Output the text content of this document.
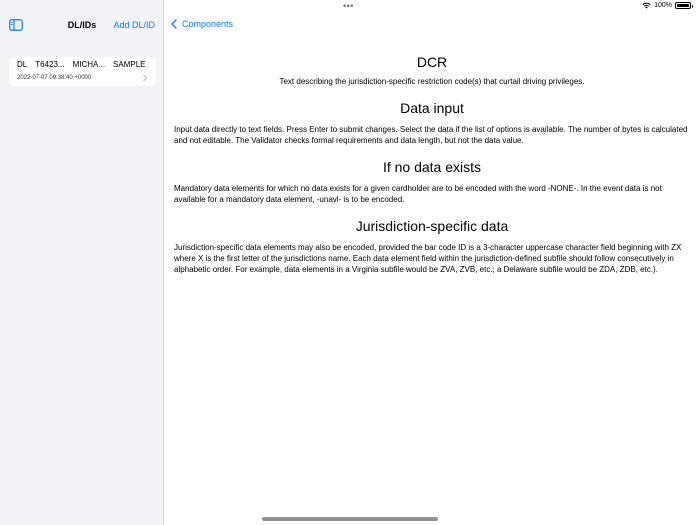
•••	100%
DL/IDs	Add DL/ID
DL T6423... MICHA... SAMPLE
2022-07-07 09:38:40 +0000
Components
DCR

Text describing the jurisdiction-specific restriction code(s) that curtail driving privileges.

Data input

Input data directly to text fields. Press Enter to submit changes. Select the data if the list of options is available. The number of bytes is calculated and not editable. The Validator checks formal requirements and data length, but not the data value.

If no data exists

Mandatory data elements for which no data exists for a given cardholder are to be encoded with the word -NONE-. In the event data is not available for a mandatory data element, -unavl- is to be encoded.

Jurisdiction-specific data

Jurisdiction-specific data elements may also be encoded, provided the bar code ID is a 3-character uppercase character field beginning with ZX where X is the first letter of the jurisdictions name. Each data element field within the jurisdiction-defined subfile should follow consecutively in alphabetic order. For example, data elements in a Virginia subfile would be ZVA, ZVB, etc.; a Delaware subfile would be ZDA, ZDB, etc.).
